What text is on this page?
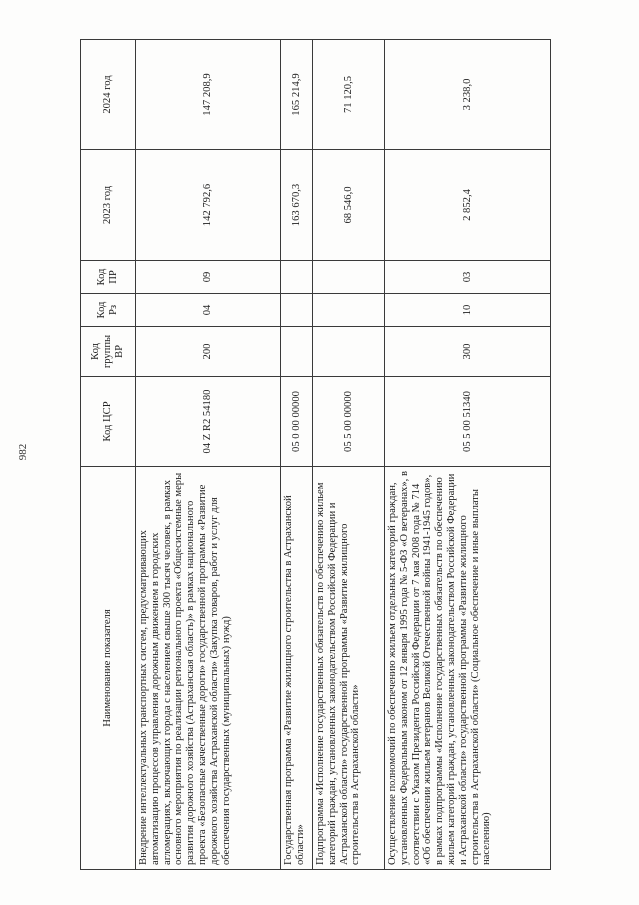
982
Наименование показателя	Код ЦСР	Код группы ВР	Код Рз	Код ПР	2023 год	2024 год
Внедрение интеллектуальных транспортных систем, предусматривающих автоматизацию процессов управления дорожным движением в городских агломерациях, включающих города с населением свыше 300 тысяч человек, в рамках основного мероприятия по реализации регионального проекта «Общесистемные меры развития дорожного хозяйства (Астраханская область)» в рамках национального проекта «Безопасные качественные дороги» государственной программы «Развитие дорожного хозяйства Астраханской области» (Закупка товаров, работ и услуг для обеспечения государственных (муниципальных) нужд)	04 Z R2 54180	200	04	09	142 792,6	147 208,9
Государственная программа «Развитие жилищного строительства в Астраханской области»	05 0 00 00000				163 670,3	165 214,9
Подпрограмма «Исполнение государственных обязательств по обеспечению жильем категорий граждан, установленных законодательством Российской Федерации и Астраханской области» государственной программы «Развитие жилищного строительства в Астраханской области»	05 5 00 00000				68 546,0	71 120,5
Осуществление полномочий по обеспечению жильем отдельных категорий граждан, установленных Федеральным законом от 12 января 1995 года № 5-ФЗ «О ветеранах», в соответствии с Указом Президента Российской Федерации от 7 мая 2008 года № 714 «Об обеспечении жильем ветеранов Великой Отечественной войны 1941-1945 годов», в рамках подпрограммы «Исполнение государственных обязательств по обеспечению жильем категорий граждан, установленных законодательством Российской Федерации и Астраханской области» государственной программы «Развитие жилищного строительства в Астраханской области» (Социальное обеспечение и иные выплаты населению)	05 5 00 51340	300	10	03	2 852,4	3 238,0
